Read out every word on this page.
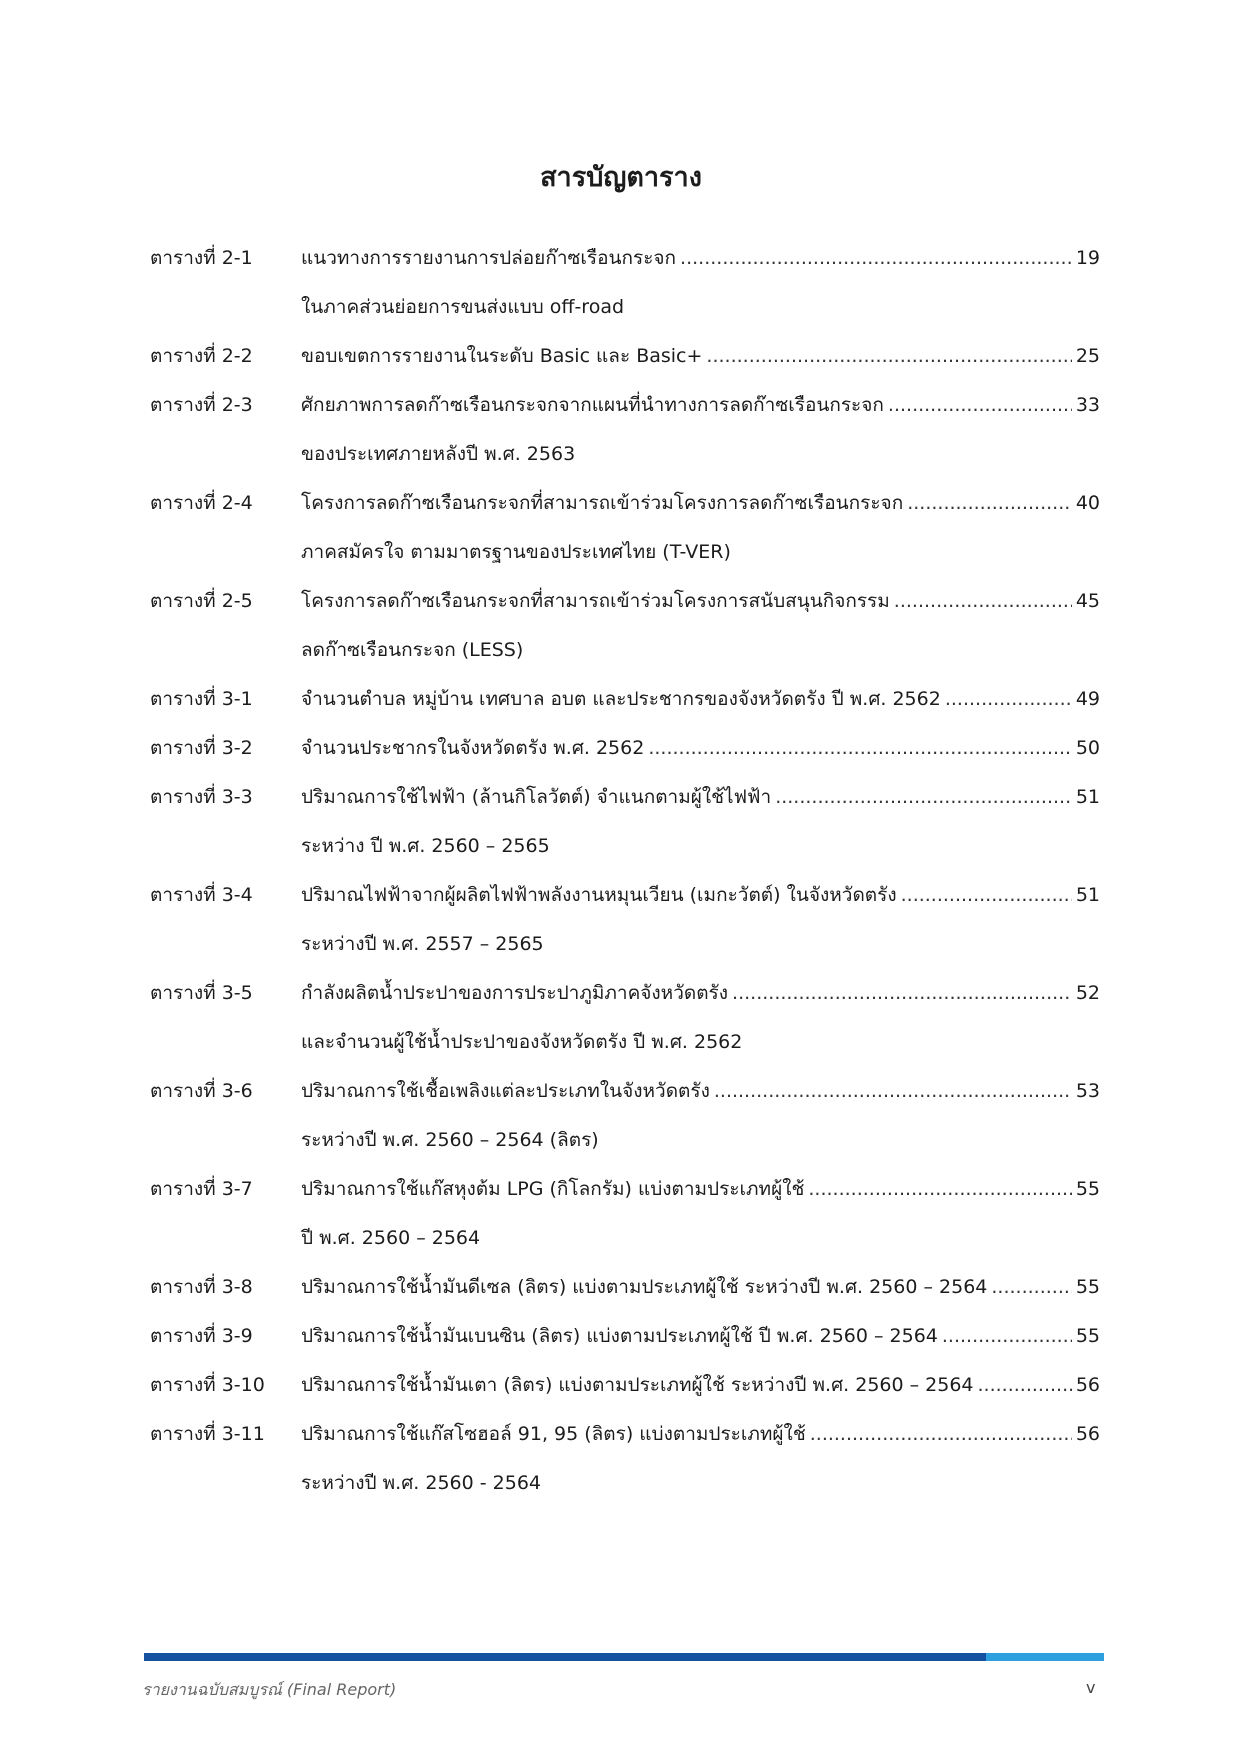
สารบัญตาราง
ตารางที่ 2-1	แนวทางการรายงานการปล่อยก๊าซเรือนกระจก .....	19
ในภาคส่วนย่อยการขนส่งแบบ off-road
ตารางที่ 2-2	ขอบเขตการรายงานในระดับ Basic และ Basic+ .....	25
ตารางที่ 2-3	ศักยภาพการลดก๊าซเรือนกระจกจากแผนที่นำทางการลดก๊าซเรือนกระจก .....	33
ของประเทศภายหลังปี พ.ศ. 2563
ตารางที่ 2-4	โครงการลดก๊าซเรือนกระจกที่สามารถเข้าร่วมโครงการลดก๊าซเรือนกระจก .....	40
ภาคสมัครใจ ตามมาตรฐานของประเทศไทย (T-VER)
ตารางที่ 2-5	โครงการลดก๊าซเรือนกระจกที่สามารถเข้าร่วมโครงการสนับสนุนกิจกรรม .....	45
ลดก๊าซเรือนกระจก (LESS)
ตารางที่ 3-1	จำนวนตำบล หมู่บ้าน เทศบาล อบต และประชากรของจังหวัดตรัง ปี พ.ศ. 2562 .....	49
ตารางที่ 3-2	จำนวนประชากรในจังหวัดตรัง พ.ศ. 2562 .....	50
ตารางที่ 3-3	ปริมาณการใช้ไฟฟ้า (ล้านกิโลวัตต์) จำแนกตามผู้ใช้ไฟฟ้า .....	51
ระหว่าง ปี พ.ศ. 2560 – 2565
ตารางที่ 3-4	ปริมาณไฟฟ้าจากผู้ผลิตไฟฟ้าพลังงานหมุนเวียน (เมกะวัตต์) ในจังหวัดตรัง .....	51
ระหว่างปี พ.ศ. 2557 – 2565
ตารางที่ 3-5	กำลังผลิตน้ำประปาของการประปาภูมิภาคจังหวัดตรัง .....	52
และจำนวนผู้ใช้น้ำประปาของจังหวัดตรัง ปี พ.ศ. 2562
ตารางที่ 3-6	ปริมาณการใช้เชื้อเพลิงแต่ละประเภทในจังหวัดตรัง .....	53
ระหว่างปี พ.ศ. 2560 – 2564 (ลิตร)
ตารางที่ 3-7	ปริมาณการใช้แก๊สหุงต้ม LPG (กิโลกรัม) แบ่งตามประเภทผู้ใช้ .....	55
ปี พ.ศ. 2560 – 2564
ตารางที่ 3-8	ปริมาณการใช้น้ำมันดีเซล (ลิตร) แบ่งตามประเภทผู้ใช้ ระหว่างปี พ.ศ. 2560 – 2564 .....	55
ตารางที่ 3-9	ปริมาณการใช้น้ำมันเบนซิน (ลิตร) แบ่งตามประเภทผู้ใช้ ปี พ.ศ. 2560 – 2564 .....	55
ตารางที่ 3-10	ปริมาณการใช้น้ำมันเตา (ลิตร) แบ่งตามประเภทผู้ใช้ ระหว่างปี พ.ศ. 2560 – 2564 .....	56
ตารางที่ 3-11	ปริมาณการใช้แก๊สโซฮอล์ 91, 95 (ลิตร) แบ่งตามประเภทผู้ใช้ .....	56
ระหว่างปี พ.ศ. 2560 - 2564
รายงานฉบับสมบูรณ์ (Final Report)	v
